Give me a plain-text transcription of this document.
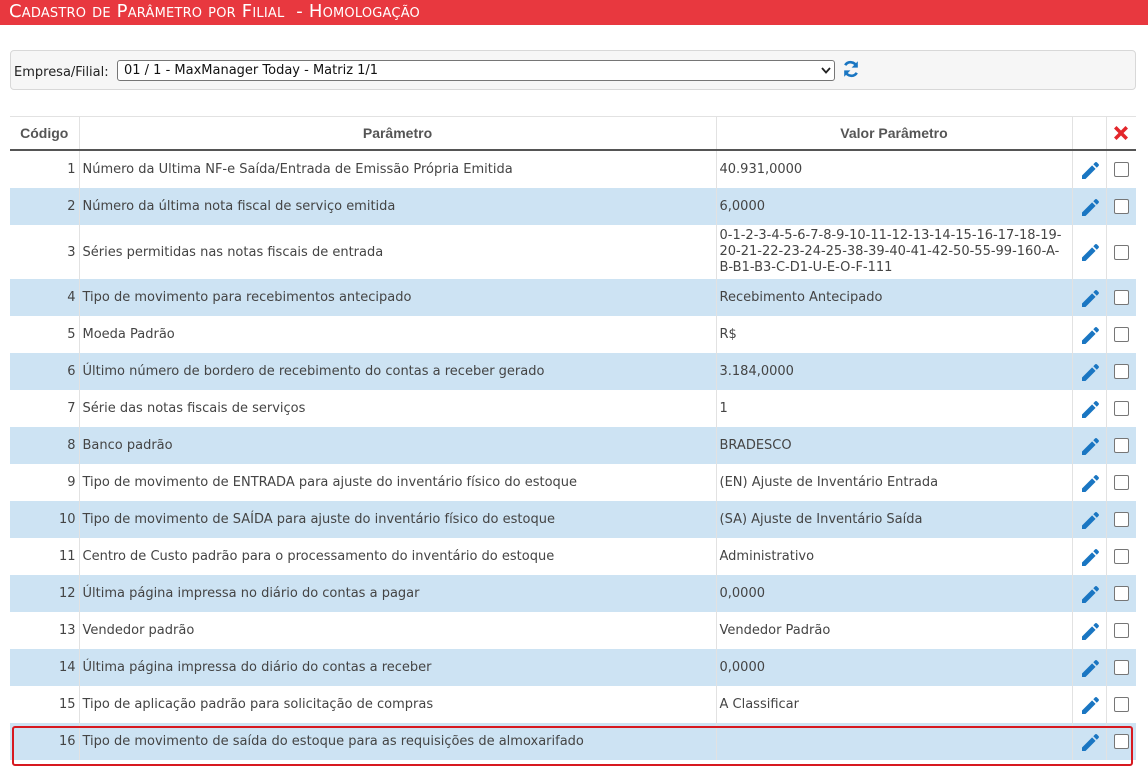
Cadastro de Parâmetro por Filial  - Homologação
Empresa/Filial: 01 / 1 - MaxManager Today - Matriz 1/1
Código	Parâmetro	Valor Parâmetro		
1	Número da Ultima NF-e Saída/Entrada de Emissão Própria Emitida	40.931,0000		
2	Número da última nota fiscal de serviço emitida	6,0000		
3	Séries permitidas nas notas fiscais de entrada	0-1-2-3-4-5-6-7-8-9-10-11-12-13-14-15-16-17-18-19-20-21-22-23-24-25-38-39-40-41-42-50-55-99-160-A-B-B1-B3-C-D1-U-E-O-F-111		
4	Tipo de movimento para recebimentos antecipado	Recebimento Antecipado		
5	Moeda Padrão	R$		
6	Último número de bordero de recebimento do contas a receber gerado	3.184,0000		
7	Série das notas fiscais de serviços	1		
8	Banco padrão	BRADESCO		
9	Tipo de movimento de ENTRADA para ajuste do inventário físico do estoque	(EN) Ajuste de Inventário Entrada		
10	Tipo de movimento de SAÍDA para ajuste do inventário físico do estoque	(SA) Ajuste de Inventário Saída		
11	Centro de Custo padrão para o processamento do inventário do estoque	Administrativo		
12	Última página impressa no diário do contas a pagar	0,0000		
13	Vendedor padrão	Vendedor Padrão		
14	Última página impressa do diário do contas a receber	0,0000		
15	Tipo de aplicação padrão para solicitação de compras	A Classificar		
16	Tipo de movimento de saída do estoque para as requisições de almoxarifado			
